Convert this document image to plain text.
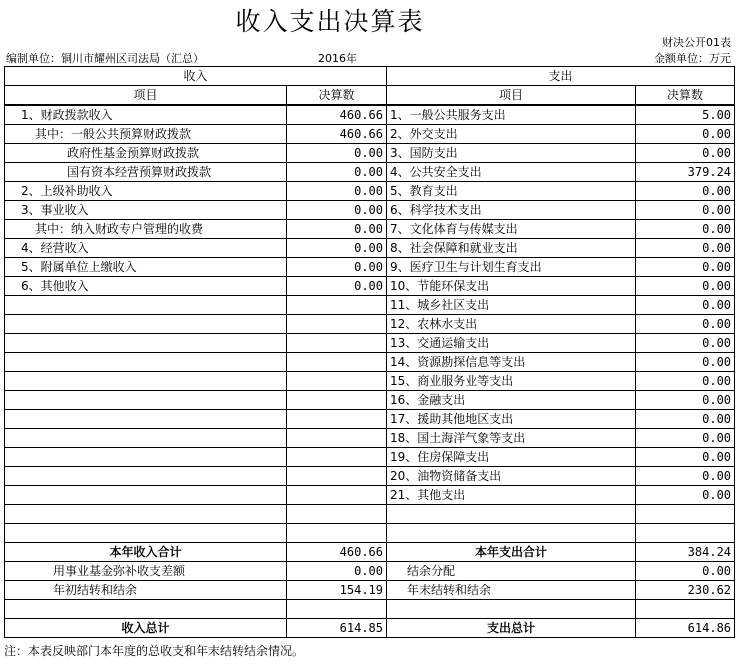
收入支出决算表
财决公开01表
编制单位：铜川市耀州区司法局（汇总）	2016年	金额单位：万元
收入		支出	
项目	决算数	项目	决算数
1、财政拨款收入	460.66	1、一般公共服务支出	5.00
其中：一般公共预算财政拨款	460.66	2、外交支出	0.00
政府性基金预算财政拨款	0.00	3、国防支出	0.00
国有资本经营预算财政拨款	0.00	4、公共安全支出	379.24
2、上级补助收入	0.00	5、教育支出	0.00
3、事业收入	0.00	6、科学技术支出	0.00
其中：纳入财政专户管理的收费	0.00	7、文化体育与传媒支出	0.00
4、经营收入	0.00	8、社会保障和就业支出	0.00
5、附属单位上缴收入	0.00	9、医疗卫生与计划生育支出	0.00
6、其他收入	0.00	10、节能环保支出	0.00
		11、城乡社区支出	0.00
		12、农林水支出	0.00
		13、交通运输支出	0.00
		14、资源勘探信息等支出	0.00
		15、商业服务业等支出	0.00
		16、金融支出	0.00
		17、援助其他地区支出	0.00
		18、国土海洋气象等支出	0.00
		19、住房保障支出	0.00
		20、油物资储备支出	0.00
		21、其他支出	0.00

本年收入合计	460.66	本年支出合计	384.24
用事业基金弥补收支差额	0.00	结余分配	0.00
年初结转和结余	154.19	年末结转和结余	230.62

收入总计	614.85	支出总计	614.86
注：本表反映部门本年度的总收支和年末结转结余情况。
